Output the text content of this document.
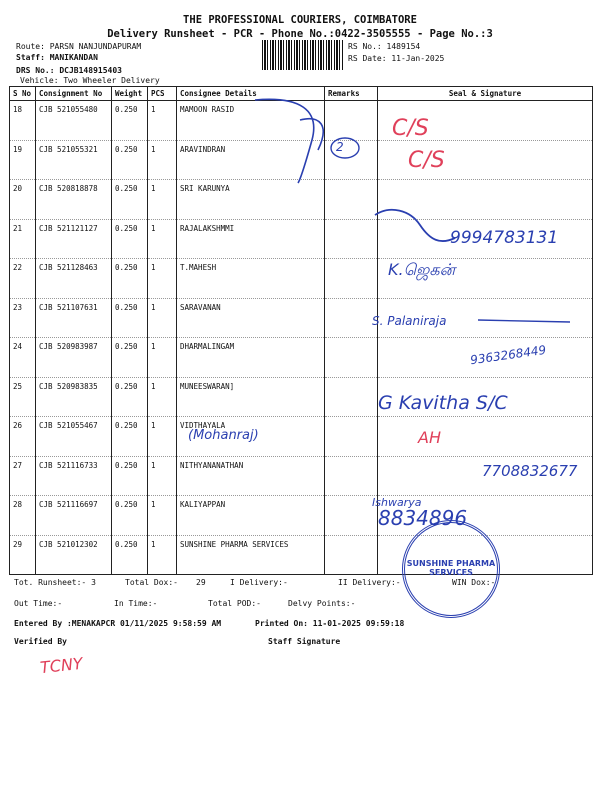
THE PROFESSIONAL COURIERS, COIMBATORE
Delivery Runsheet - PCR - Phone No.:0422-3505555 - Page No.:3
Route: PARSN NANJUNDAPURAM
Staff: MANIKANDAN
DRS No.: DCJB148915403
Vehicle: Two Wheeler Delivery
RS No.: 1489154
RS Date: 11-Jan-2025
S No	Consignment No	Weight	PCS	Consignee Details	Remarks	Seal & Signature
18	CJB 521055480	0.250	1	MAMOON RASID		
19	CJB 521055321	0.250	1	ARAVINDRAN		
20	CJB 520818878	0.250	1	SRI KARUNYA		
21	CJB 521121127	0.250	1	RAJALAKSHMMI		
22	CJB 521128463	0.250	1	T.MAHESH		
23	CJB 521107631	0.250	1	SARAVANAN		
24	CJB 520983987	0.250	1	DHARMALINGAM		
25	CJB 520983835	0.250	1	MUNEESWARAN]		
26	CJB 521055467	0.250	1	VIDTHAYALA		
27	CJB 521116733	0.250	1	NITHYANANATHAN		
28	CJB 521116697	0.250	1	KALIYAPPAN		
29	CJB 521012302	0.250	1	SUNSHINE PHARMA SERVICES		
C/S
C/S
2
9994783131
K.ஜெகன்
S. Palaniraja
9363268449
G Kavitha S/C
(Mohanraj)	AH
7708832677
Ishwarya
8834896
SUNSHINE PHARMA SERVICES
Tot. Runsheet:- 3	Total Dox:- 29	I Delivery:-	II Delivery:-	WIN Dox:-
Out Time:-	In Time:-	Total POD:-	Delvy Points:-
Entered By :MENAKAPCR 01/11/2025 9:58:59 AM	Printed On: 11-01-2025 09:59:18
Verified By	Staff Signature
TCNY
